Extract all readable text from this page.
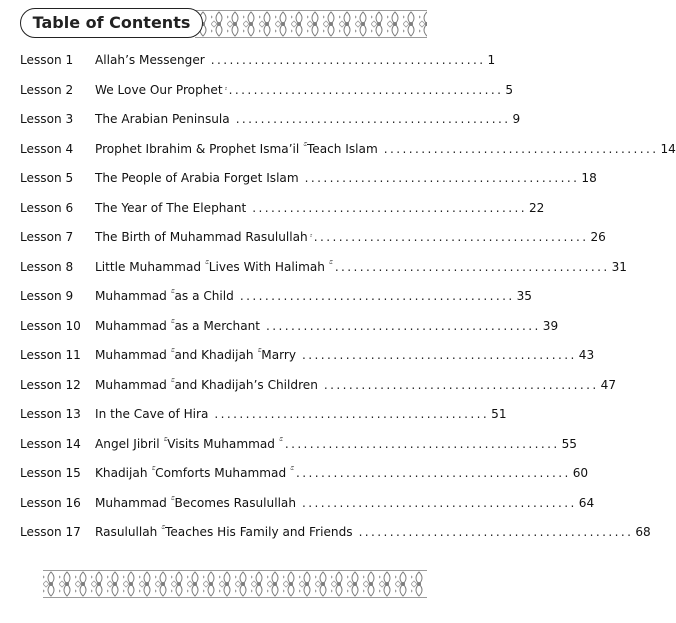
Table of Contents
Lesson 1	Allah’s Messenger ............................................ 1
Lesson 2	We Love Our Prophet ............................................ 5
Lesson 3	The Arabian Peninsula ............................................ 9
Lesson 4	Prophet Ibrahim & Prophet Isma’il ۚ Teach Islam ............................................ 14
Lesson 5	The People of Arabia Forget Islam ............................................ 18
Lesson 6	The Year of The Elephant ............................................ 22
Lesson 7	The Birth of Muhammad Rasulullah ............................................ 26
Lesson 8	Little Muhammad ۚ Lives With Halimah ۚ ............................................ 31
Lesson 9	Muhammad ۚ as a Child ............................................ 35
Lesson 10	Muhammad ۚ as a Merchant ............................................ 39
Lesson 11	Muhammad ۚ and Khadijah ۚ Marry ............................................ 43
Lesson 12	Muhammad ۚ and Khadijah’s Children ............................................ 47
Lesson 13	In the Cave of Hira ............................................ 51
Lesson 14	Angel Jibril ۚ Visits Muhammad ۚ ............................................ 55
Lesson 15	Khadijah ۚ Comforts Muhammad ۚ ............................................ 60
Lesson 16	Muhammad ۚ Becomes Rasulullah ............................................ 64
Lesson 17	Rasulullah ۚ Teaches His Family and Friends ............................................ 68
